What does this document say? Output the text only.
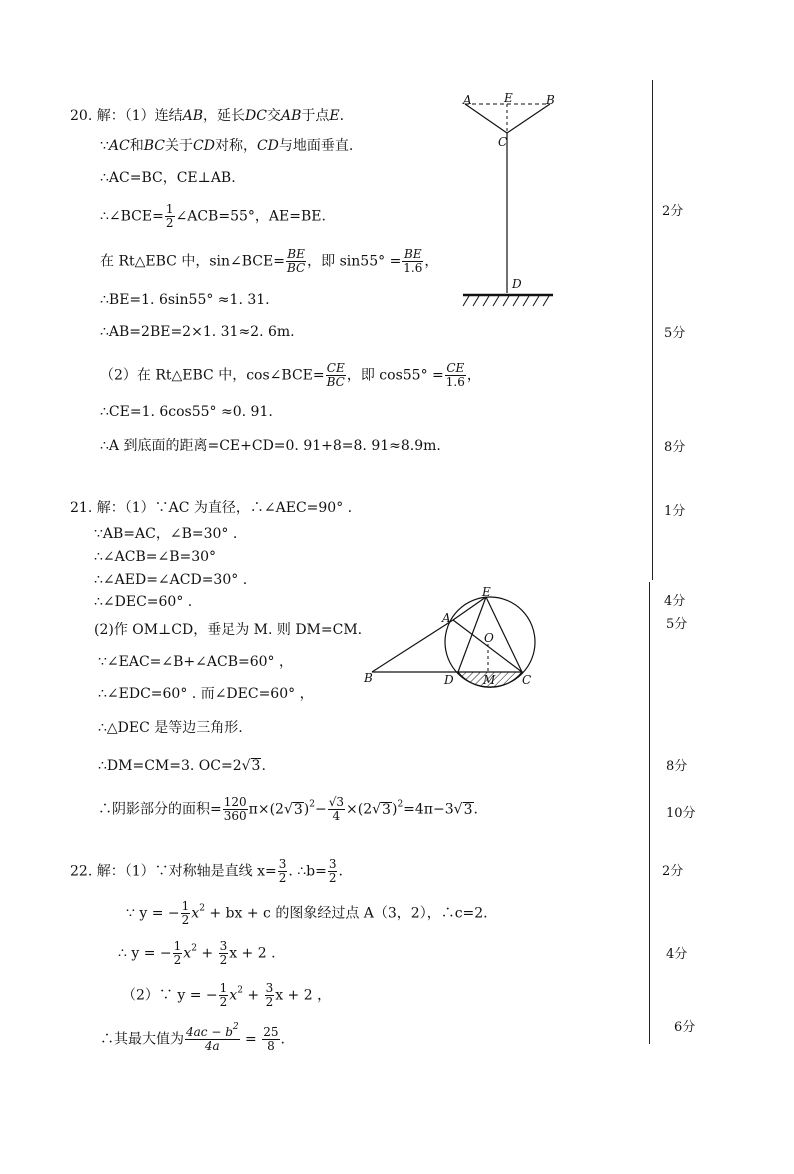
20. 解：（1）连结AB，延长DC交AB于点E.
∵AC和BC关于CD对称，CD与地面垂直.
∴AC=BC，CE⊥AB.
∴∠BCE= $\frac{1}{2}$ ∠ACB=55°，AE=BE.
在 Rt△EBC 中，sin∠BCE= $\frac{BE}{BC}$ ，即 $\sin 55^\circ = \frac{BE}{1.6}$ ，
∴BE=1. 6sin55° ≈1. 31.
∴AB=2BE=2×1. 31≈2. 6m.
（2）在 Rt△EBC 中，cos∠BCE= $\frac{CE}{BC}$ ，即 $\cos 55^\circ = \frac{CE}{1.6}$ ，
∴CE=1. 6cos55° ≈0. 91.
∴A 到底面的距离=CE+CD=0. 91+8=8. 91≈8.9m.
A	E	B
C
D
21. 解：（1）∵AC 为直径，∴∠AEC=90° .
∵AB=AC，∠B=30° .
∴∠ACB=∠B=30°
∴∠AED=∠ACD=30° .
∴∠DEC=60° .
(2)作 OM⊥CD，垂足为 M. 则 DM=CM.
∵∠EAC=∠B+∠ACB=60° ，
∴∠EDC=60° . 而∠DEC=60° ，
∴△DEC 是等边三角形.
∴DM=CM=3. OC=2√3.
∴阴影部分的面积= $\frac{120}{360} \pi\times(2√3)^2- \frac{√3}{4} \times(2√3)^2=4\pi-3√3$.
A
E
O
B	D M C
22. 解：（1）∵对称轴是直线 $x= \frac{3}{2}$ . ∴b= $\frac{3}{2}$ .
∵ y = − $\frac{1}{2} x^2$ + bx + c 的图象经过点 A（3，2），∴c=2.
∴ y = − $\frac{1}{2} x^2 + \frac{3}{2}$ x + 2 .
（2）∵ y = − $\frac{1}{2} x^2 + \frac{3}{2}$ x + 2 ，
∴其最大值为 $\frac{4ac - b^2}{4a} = \frac{25}{8}$ .
2分
5分
8分
1分
4分
5分
8分
10分
2分
4分
6分
